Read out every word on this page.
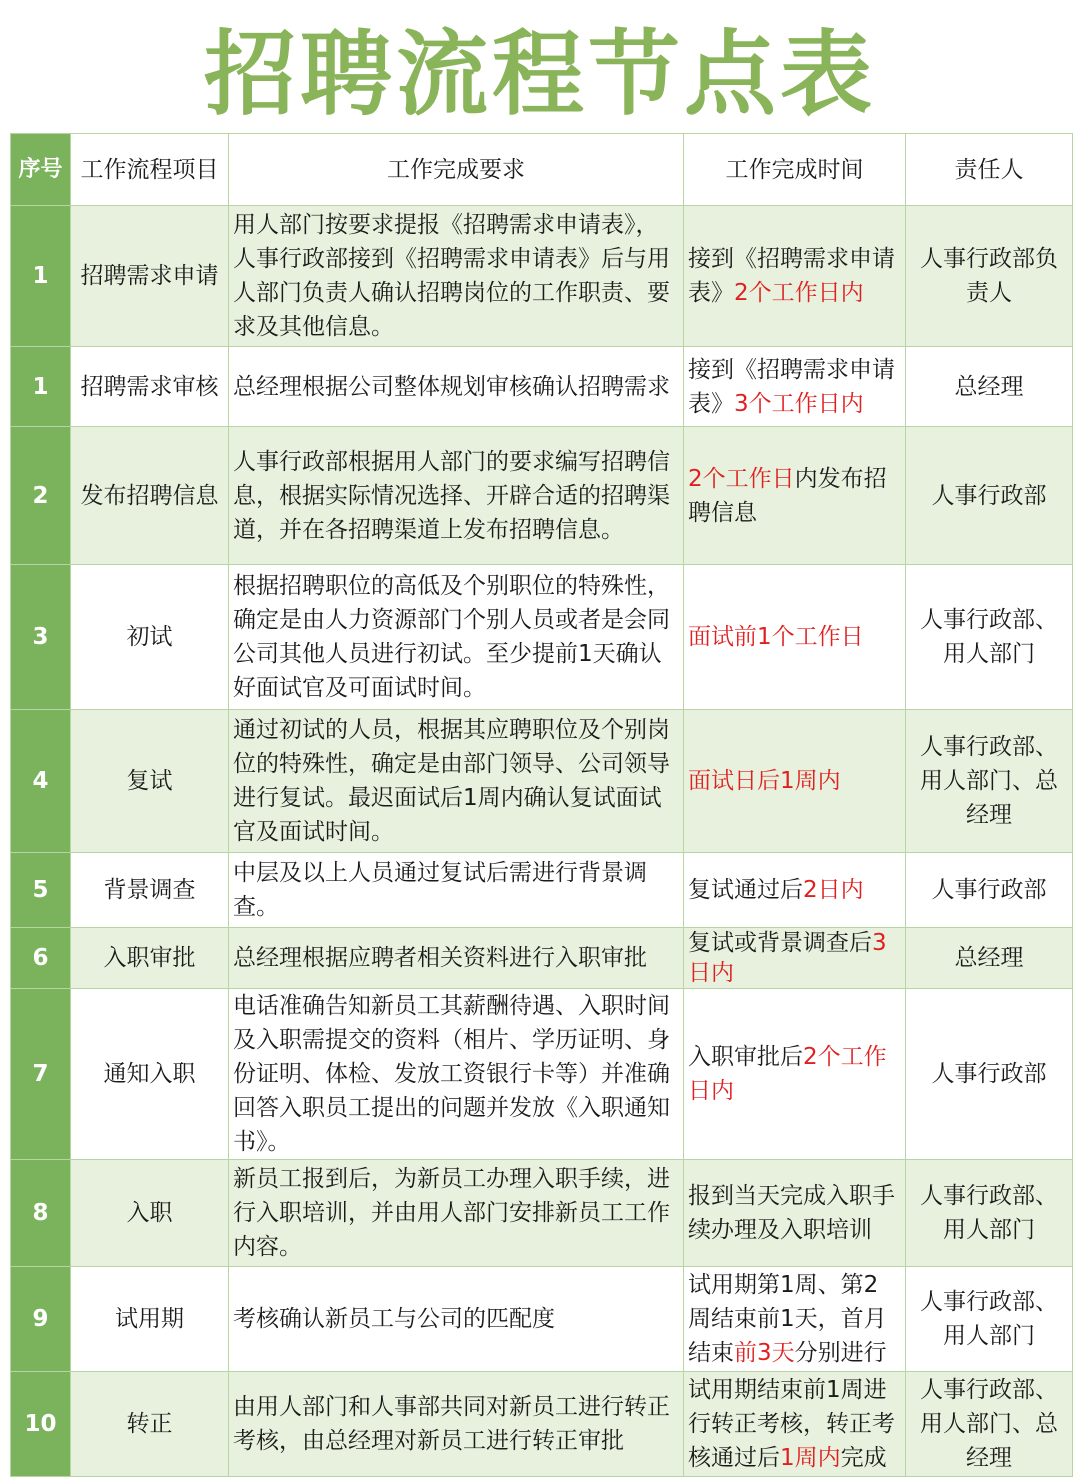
招聘流程节点表
序号	工作流程项目	工作完成要求	工作完成时间	责任人
1	招聘需求申请	用人部门按要求提报《招聘需求申请表》，人事行政部接到《招聘需求申请表》后与用人部门负责人确认招聘岗位的工作职责、要求及其他信息。	接到《招聘需求申请表》2个工作日内	人事行政部负责人
1	招聘需求审核	总经理根据公司整体规划审核确认招聘需求	接到《招聘需求申请表》3个工作日内	总经理
2	发布招聘信息	人事行政部根据用人部门的要求编写招聘信息，根据实际情况选择、开辟合适的招聘渠道，并在各招聘渠道上发布招聘信息。	2个工作日内发布招聘信息	人事行政部
3	初试	根据招聘职位的高低及个别职位的特殊性，确定是由人力资源部门个别人员或者是会同公司其他人员进行初试。至少提前1天确认好面试官及可面试时间。	面试前1个工作日	人事行政部、用人部门
4	复试	通过初试的人员，根据其应聘职位及个别岗位的特殊性，确定是由部门领导、公司领导进行复试。最迟面试后1周内确认复试面试官及面试时间。	面试日后1周内	人事行政部、用人部门、总经理
5	背景调查	中层及以上人员通过复试后需进行背景调查。	复试通过后2日内	人事行政部
6	入职审批	总经理根据应聘者相关资料进行入职审批	复试或背景调查后3日内	总经理
7	通知入职	电话准确告知新员工其薪酬待遇、入职时间及入职需提交的资料（相片、学历证明、身份证明、体检、发放工资银行卡等）并准确回答入职员工提出的问题并发放《入职通知书》。	入职审批后2个工作日内	人事行政部
8	入职	新员工报到后，为新员工办理入职手续，进行入职培训，并由用人部门安排新员工工作内容。	报到当天完成入职手续办理及入职培训	人事行政部、用人部门
9	试用期	考核确认新员工与公司的匹配度	试用期第1周、第2周结束前1天，首月结束前3天分别进行	人事行政部、用人部门
10	转正	由用人部门和人事部共同对新员工进行转正考核，由总经理对新员工进行转正审批	试用期结束前1周进行转正考核，转正考核通过后1周内完成	人事行政部、用人部门、总经理
